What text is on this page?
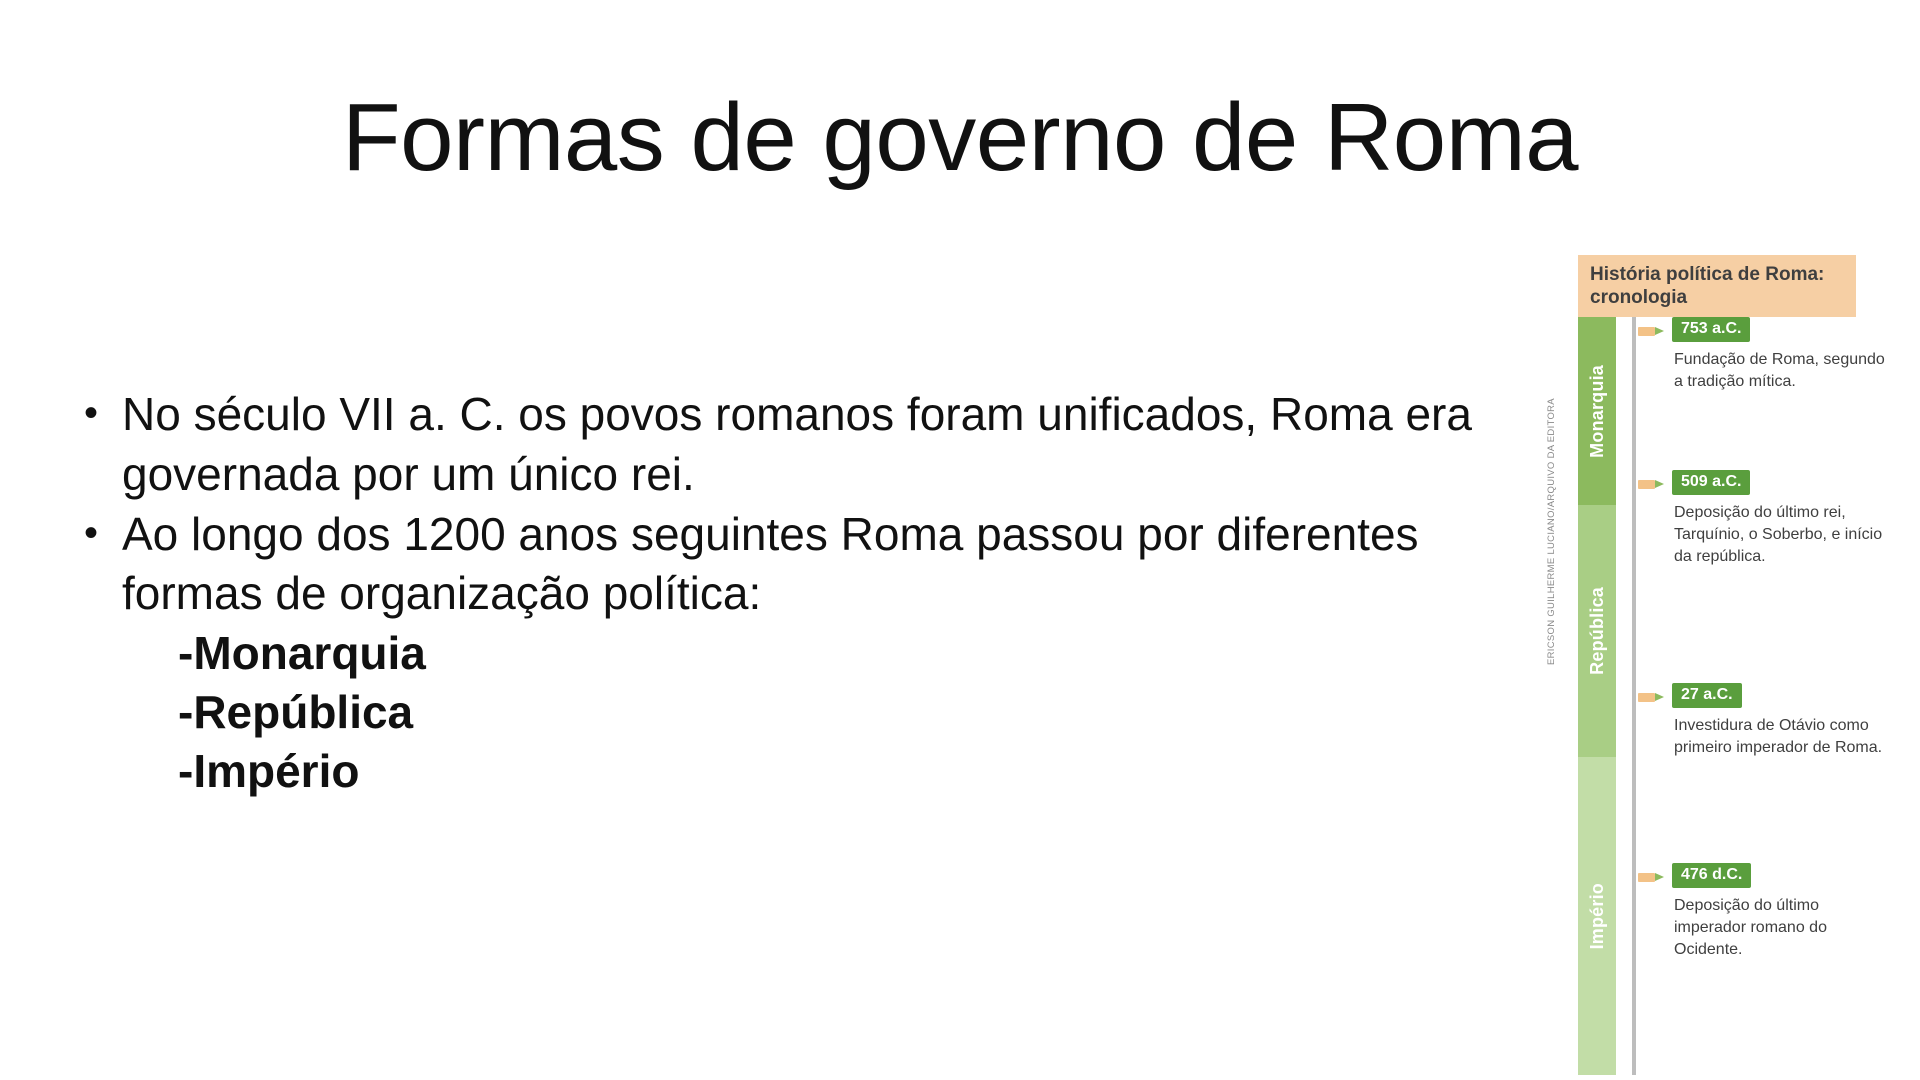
Formas de governo de Roma
• No século VII a. C. os povos romanos foram unificados, Roma era governada por um único rei.
• Ao longo dos 1200 anos seguintes Roma passou por diferentes formas de organização política:
-Monarquia
-República
-Império
ERICSON GUILHERME LUCIANO/ARQUIVO DA EDITORA
História política de Roma: cronologia
Monarquia
República
Império
753 a.C.
Fundação de Roma, segundo a tradição mítica.
509 a.C.
Deposição do último rei, Tarquínio, o Soberbo, e início da república.
27 a.C.
Investidura de Otávio como primeiro imperador de Roma.
476 d.C.
Deposição do último imperador romano do Ocidente.
